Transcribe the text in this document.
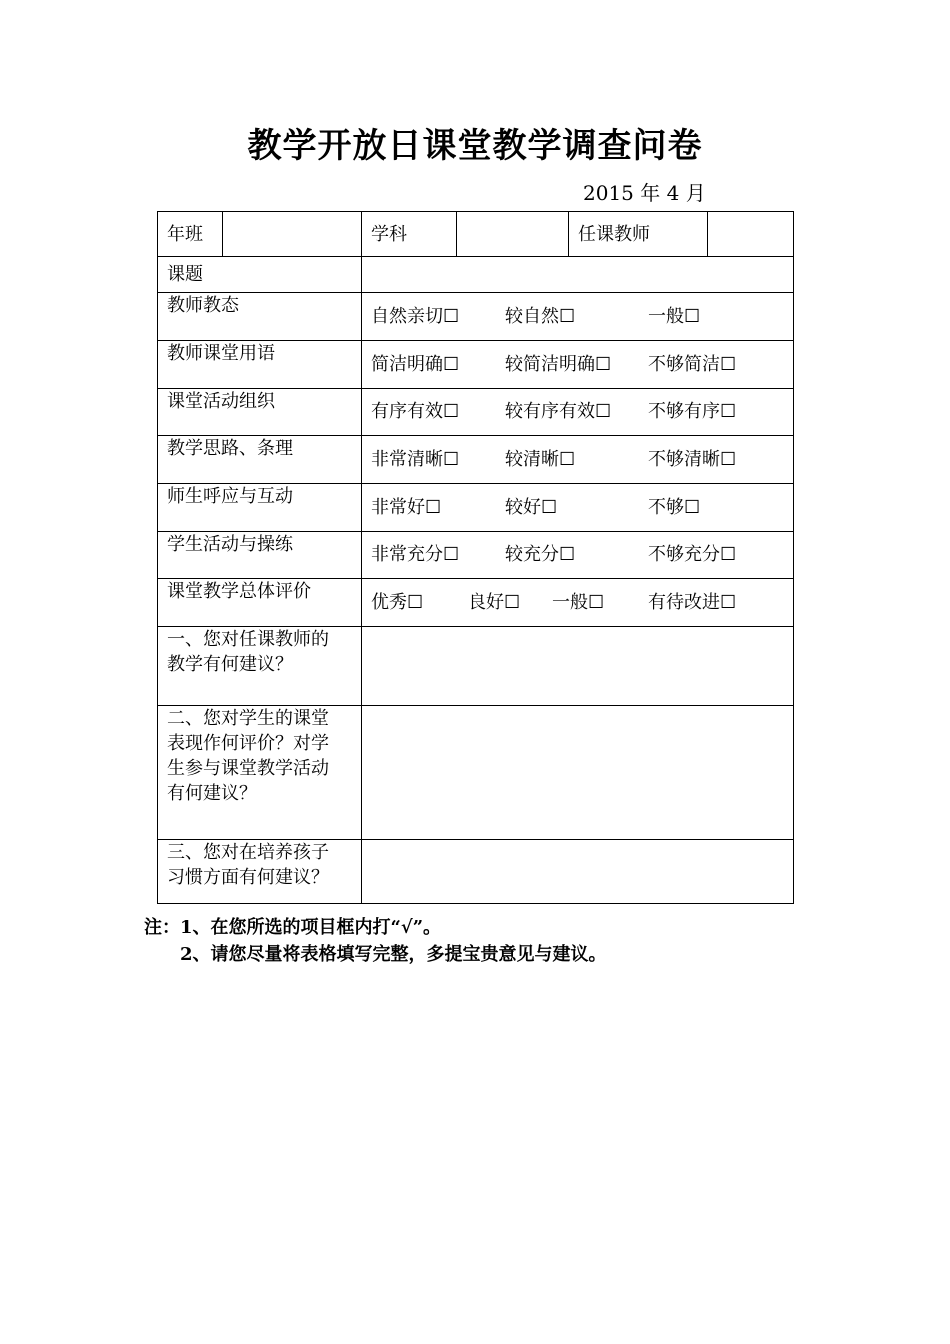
教学开放日课堂教学调查问卷
2015 年 4 月
年班		学科		任课教师	
课题					
教师教态		自然亲切☐ 较自然☐ 一般☐			

教师课堂用语		简洁明确☐ 较简洁明确☐ 不够简洁☐			

课堂活动组织		有序有效☐ 较有序有效☐ 不够有序☐			

教学思路、条理		非常清晰☐ 较清晰☐ 不够清晰☐			

师生呼应与互动		非常好☐ 较好☐ 不够☐			

学生活动与操练		非常充分☐ 较充分☐ 不够充分☐			

课堂教学总体评价		优秀☐ 良好☐ 一般☐ 有待改进☐			

一、您对任课教师的
教学有何建议？					

二、您对学生的课堂
表现作何评价？对学
生参与课堂教学活动
有何建议？					

三、您对在培养孩子
习惯方面有何建议？					

注：1、在您所选的项目框内打“√”。
2、请您尽量将表格填写完整，多提宝贵意见与建议。
